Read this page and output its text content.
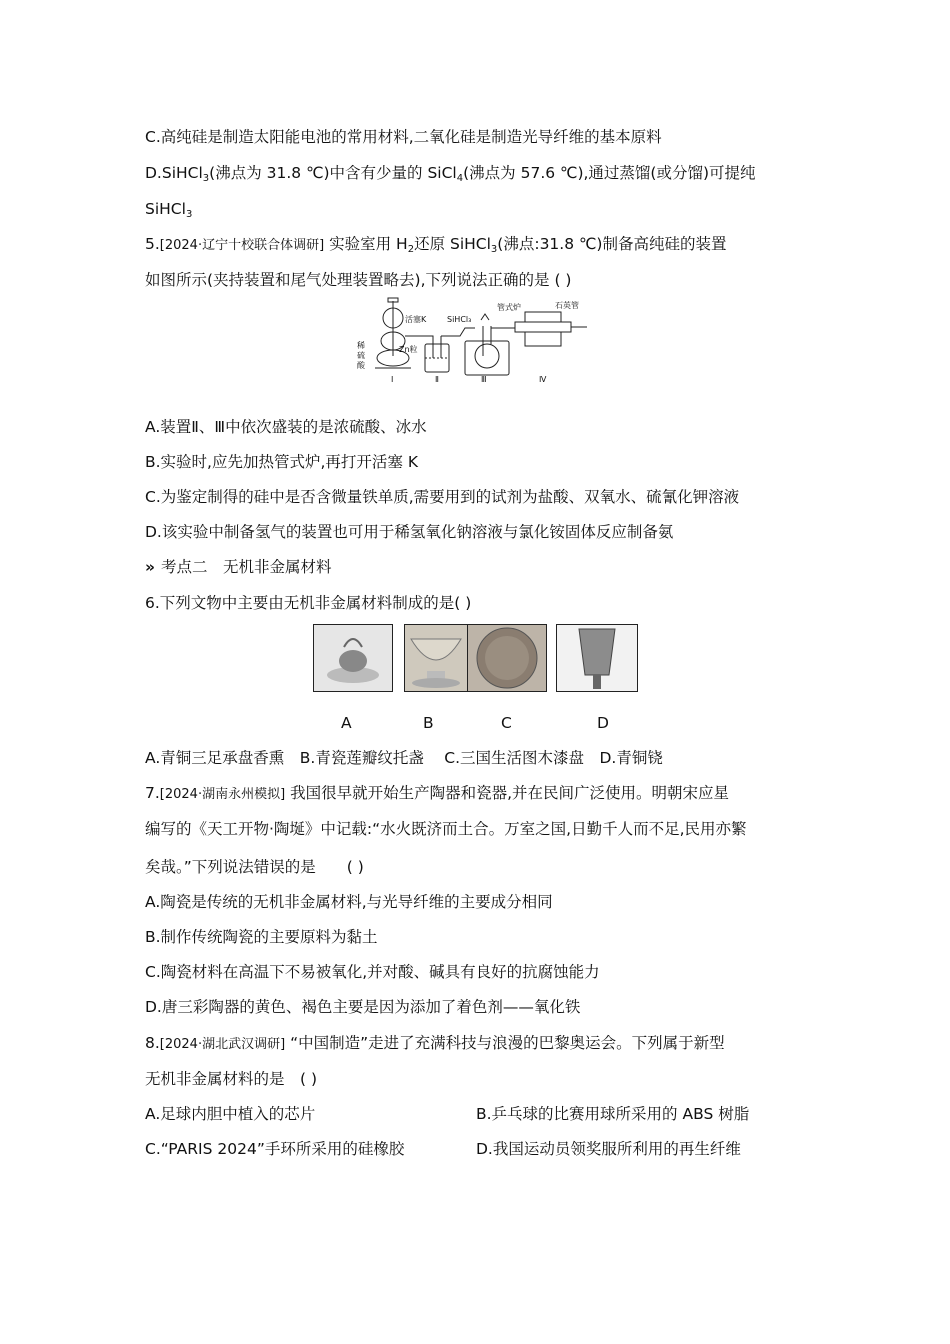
C.高纯硅是制造太阳能电池的常用材料,二氧化硅是制造光导纤维的基本原料
D.SiHCl$_3$(沸点为 31.8 ℃)中含有少量的 SiCl$_4$(沸点为 57.6 ℃),通过蒸馏(或分馏)可提纯
SiHCl$_3$
5.[2024·辽宁十校联合体调研] 实验室用 $H_2$还原 SiHCl$_3$(沸点:31.8 ℃)制备高纯硅的装置
如图所示(夹持装置和尾气处理装置略去),下列说法正确的是 ( )
活塞K	SiHCl₃
管式炉	石英管
Zn粒
稀
硫
酸
Ⅰ	Ⅱ	Ⅲ	Ⅳ
A.装置Ⅱ、Ⅲ中依次盛装的是浓硫酸、冰水
B.实验时,应先加热管式炉,再打开活塞 K
C.为鉴定制得的硅中是否含微量铁单质,需要用到的试剂为盐酸、双氧水、硫氰化钾溶液
D.该实验中制备氢气的装置也可用于稀氢氧化钠溶液与氯化铵固体反应制备氨
» 考点二　无机非金属材料
6.下列文物中主要由无机非金属材料制成的是( )
A	B	C	D
A.青铜三足承盘香熏　B.青瓷莲瓣纹托盏　 C.三国生活图木漆盘　D.青铜铙
7.[2024·湖南永州模拟] 我国很早就开始生产陶器和瓷器,并在民间广泛使用。明朝宋应星
编写的《天工开物·陶埏》中记载:“水火既济而土合。万室之国,日勤千人而不足,民用亦繁
矣哉。”下列说法错误的是　　( )
A.陶瓷是传统的无机非金属材料,与光导纤维的主要成分相同
B.制作传统陶瓷的主要原料为黏土
C.陶瓷材料在高温下不易被氧化,并对酸、碱具有良好的抗腐蚀能力
D.唐三彩陶器的黄色、褐色主要是因为添加了着色剂——氧化铁
8.[2024·湖北武汉调研] “中国制造”走进了充满科技与浪漫的巴黎奥运会。下列属于新型
无机非金属材料的是　( )
A.足球内胆中植入的芯片	B.乒乓球的比赛用球所采用的 ABS 树脂
C.“PARIS 2024”手环所采用的硅橡胶	D.我国运动员领奖服所利用的再生纤维
